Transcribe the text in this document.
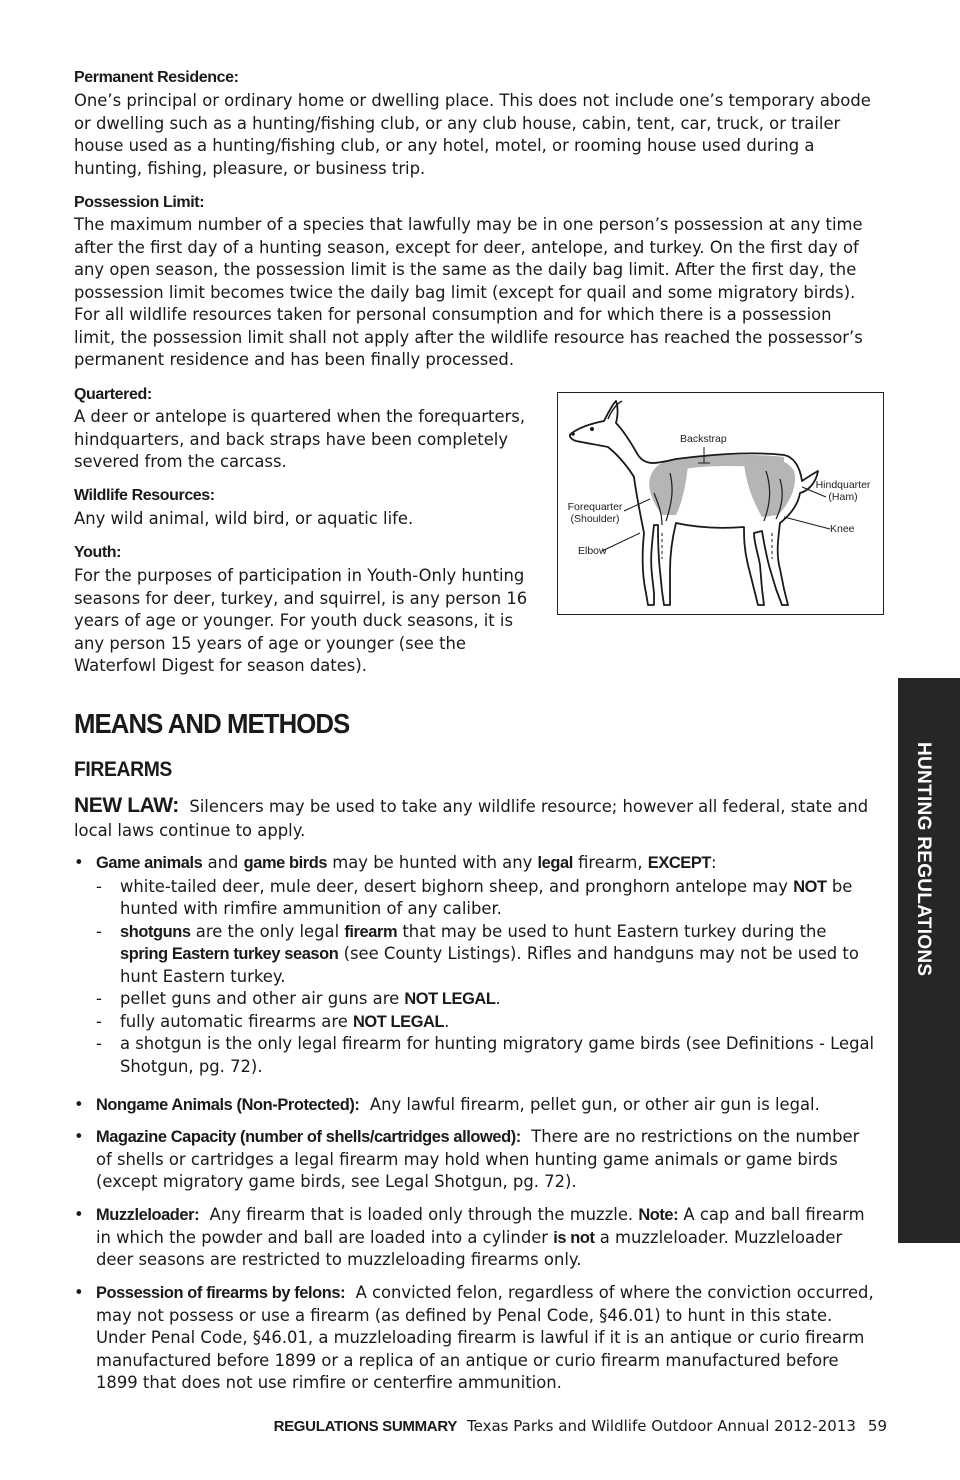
Permanent Residence:
One’s principal or ordinary home or dwelling place. This does not include one’s temporary abode or dwelling such as a hunting/fishing club, or any club house, cabin, tent, car, truck, or trailer house used as a hunting/fishing club, or any hotel, motel, or rooming house used during a hunting, fishing, pleasure, or business trip.
Possession Limit:
The maximum number of a species that lawfully may be in one person’s possession at any time after the first day of a hunting season, except for deer, antelope, and turkey. On the first day of any open season, the possession limit is the same as the daily bag limit. After the first day, the possession limit becomes twice the daily bag limit (except for quail and some migratory birds). For all wildlife resources taken for personal consumption and for which there is a possession limit, the possession limit shall not apply after the wildlife resource has reached the possessor’s permanent residence and has been finally processed.
Quartered:
A deer or antelope is quartered when the forequarters, hindquarters, and back straps have been completely severed from the carcass.
Wildlife Resources:
Any wild animal, wild bird, or aquatic life.
Youth:
For the purposes of participation in Youth-Only hunting seasons for deer, turkey, and squirrel, is any person 16 years of age or younger. For youth duck seasons, it is any person 15 years of age or younger (see the Waterfowl Digest for season dates).
Backstrap
Hindquarter
(Ham)
Forequarter
(Shoulder)
Knee
Elbow
MEANS AND METHODS
FIREARMS
NEW LAW: Silencers may be used to take any wildlife resource; however all federal, state and local laws continue to apply.
• Game animals and game birds may be hunted with any legal firearm, EXCEPT:
- white-tailed deer, mule deer, desert bighorn sheep, and pronghorn antelope may NOT be hunted with rimfire ammunition of any caliber.
- shotguns are the only legal firearm that may be used to hunt Eastern turkey during the spring Eastern turkey season (see County Listings). Rifles and handguns may not be used to hunt Eastern turkey.
- pellet guns and other air guns are NOT LEGAL.
- fully automatic firearms are NOT LEGAL.
- a shotgun is the only legal firearm for hunting migratory game birds (see Definitions - Legal Shotgun, pg. 72).
• Nongame Animals (Non-Protected): Any lawful firearm, pellet gun, or other air gun is legal.
• Magazine Capacity (number of shells/cartridges allowed): There are no restrictions on the number of shells or cartridges a legal firearm may hold when hunting game animals or game birds (except migratory game birds, see Legal Shotgun, pg. 72).
• Muzzleloader: Any firearm that is loaded only through the muzzle. Note: A cap and ball firearm in which the powder and ball are loaded into a cylinder is not a muzzleloader. Muzzleloader deer seasons are restricted to muzzleloading firearms only.
• Possession of firearms by felons: A convicted felon, regardless of where the conviction occurred, may not possess or use a firearm (as defined by Penal Code, §46.01) to hunt in this state. Under Penal Code, §46.01, a muzzleloading firearm is lawful if it is an antique or curio firearm manufactured before 1899 or a replica of an antique or curio firearm manufactured before 1899 that does not use rimfire or centerfire ammunition.
HUNTING REGULATIONS
REGULATIONS SUMMARY Texas Parks and Wildlife Outdoor Annual 2012-2013 59
